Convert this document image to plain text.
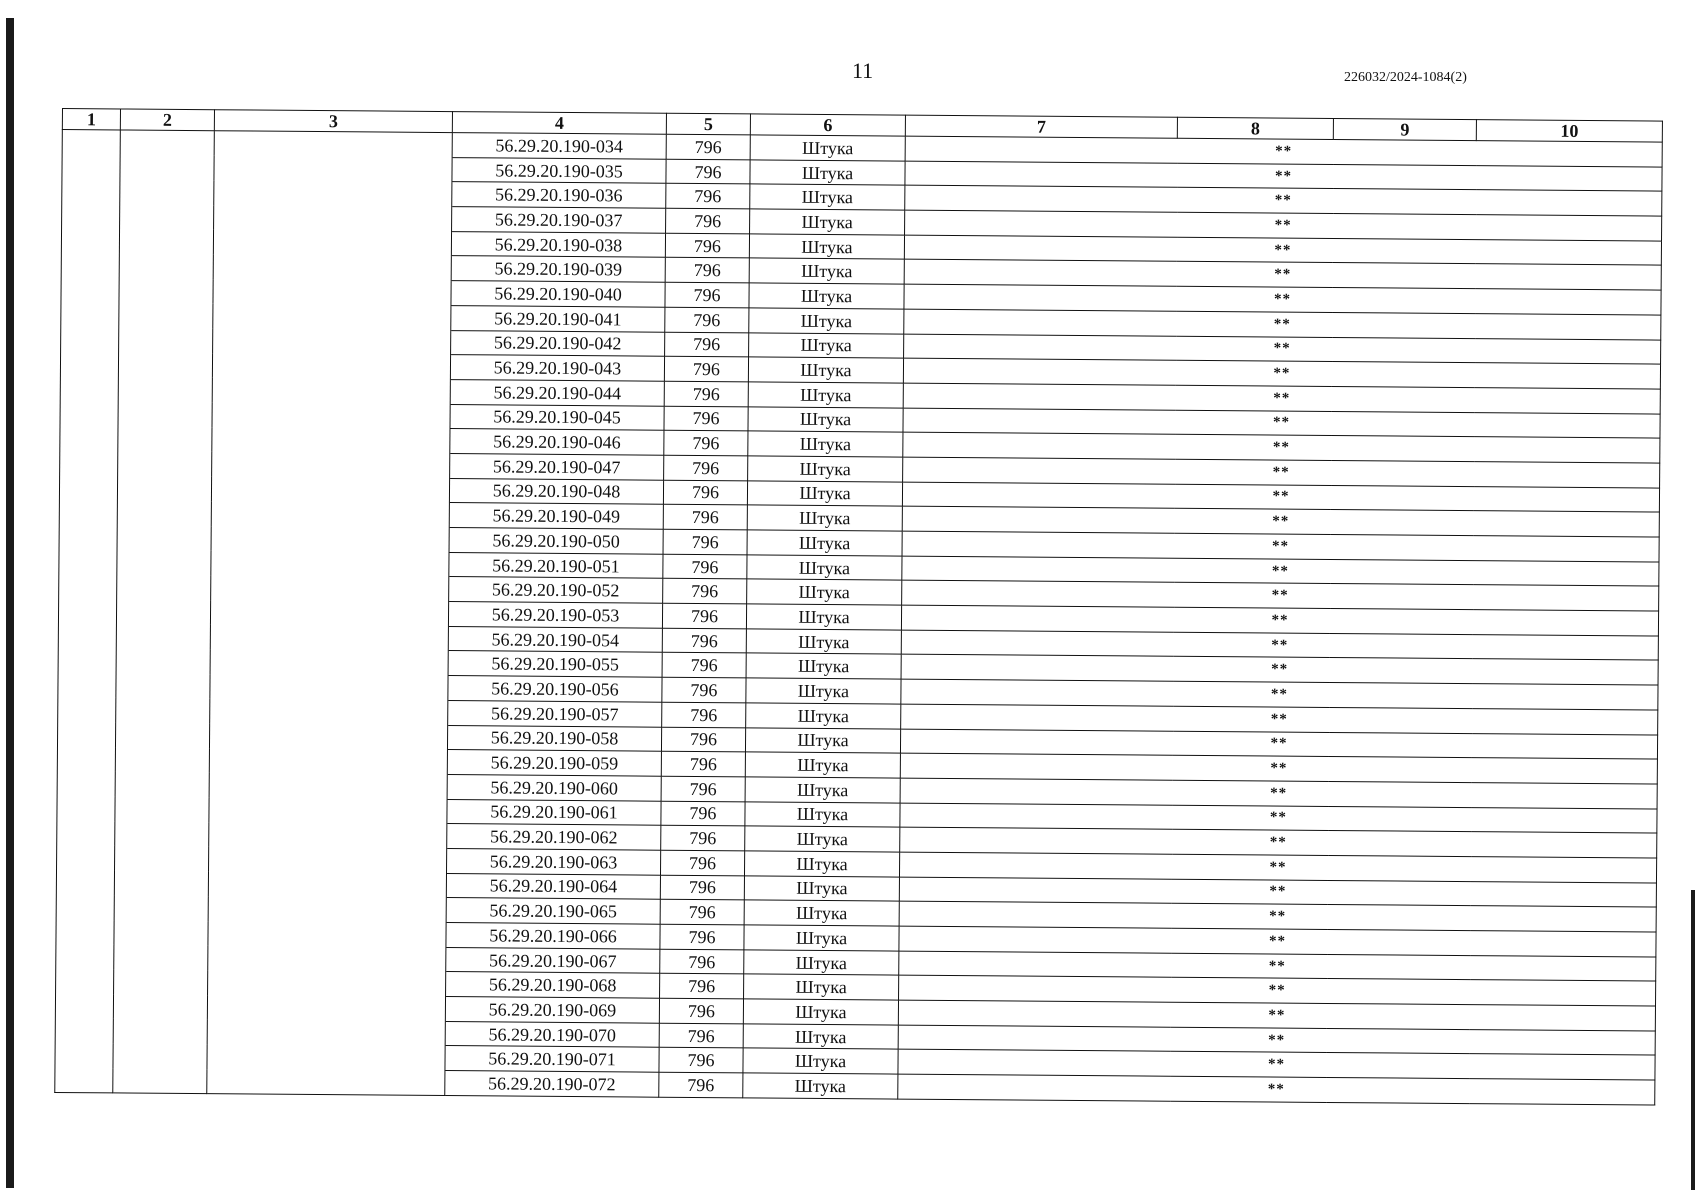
11	226032/2024-1084(2)
1	2	3	4	5	6	7	8	9	10
			56.29.20.190-034	796	Штука	**			
			56.29.20.190-035	796	Штука	**			
			56.29.20.190-036	796	Штука	**			
			56.29.20.190-037	796	Штука	**			
			56.29.20.190-038	796	Штука	**			
			56.29.20.190-039	796	Штука	**			
			56.29.20.190-040	796	Штука	**			
			56.29.20.190-041	796	Штука	**			
			56.29.20.190-042	796	Штука	**			
			56.29.20.190-043	796	Штука	**			
			56.29.20.190-044	796	Штука	**			
			56.29.20.190-045	796	Штука	**			
			56.29.20.190-046	796	Штука	**			
			56.29.20.190-047	796	Штука	**			
			56.29.20.190-048	796	Штука	**			
			56.29.20.190-049	796	Штука	**			
			56.29.20.190-050	796	Штука	**			
			56.29.20.190-051	796	Штука	**			
			56.29.20.190-052	796	Штука	**			
			56.29.20.190-053	796	Штука	**			
			56.29.20.190-054	796	Штука	**			
			56.29.20.190-055	796	Штука	**			
			56.29.20.190-056	796	Штука	**			
			56.29.20.190-057	796	Штука	**			
			56.29.20.190-058	796	Штука	**			
			56.29.20.190-059	796	Штука	**			
			56.29.20.190-060	796	Штука	**			
			56.29.20.190-061	796	Штука	**			
			56.29.20.190-062	796	Штука	**			
			56.29.20.190-063	796	Штука	**			
			56.29.20.190-064	796	Штука	**			
			56.29.20.190-065	796	Штука	**			
			56.29.20.190-066	796	Штука	**			
			56.29.20.190-067	796	Штука	**			
			56.29.20.190-068	796	Штука	**			
			56.29.20.190-069	796	Штука	**			
			56.29.20.190-070	796	Штука	**			
			56.29.20.190-071	796	Штука	**			
			56.29.20.190-072	796	Штука	**			
